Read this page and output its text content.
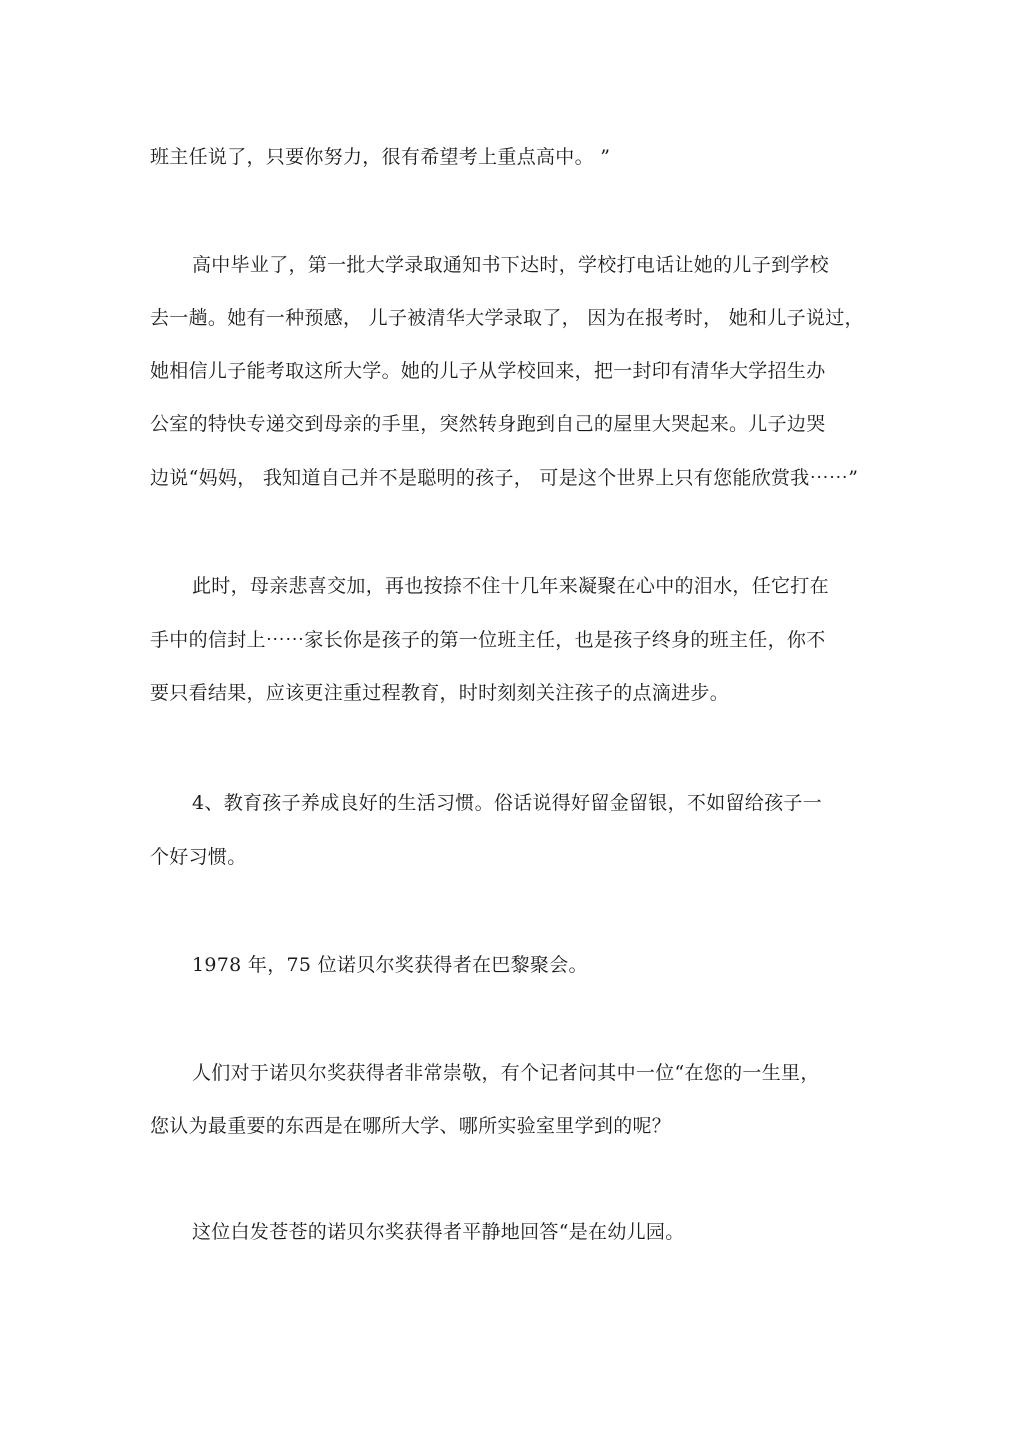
班主任说了，只要你努力，很有希望考上重点高中。 ”
高中毕业了，第一批大学录取通知书下达时，学校打电话让她的儿子到学校
去一趟。她有一种预感， 儿子被清华大学录取了， 因为在报考时， 她和儿子说过，
她相信儿子能考取这所大学。她的儿子从学校回来，把一封印有清华大学招生办
公室的特快专递交到母亲的手里，突然转身跑到自己的屋里大哭起来。儿子边哭
边说“妈妈， 我知道自己并不是聪明的孩子， 可是这个世界上只有您能欣赏我⋯⋯”
此时，母亲悲喜交加，再也按捺不住十几年来凝聚在心中的泪水，任它打在
手中的信封上⋯⋯家长你是孩子的第一位班主任，也是孩子终身的班主任，你不
要只看结果，应该更注重过程教育，时时刻刻关注孩子的点滴进步。
4、教育孩子养成良好的生活习惯。俗话说得好留金留银，不如留给孩子一
个好习惯。
1978 年，75 位诺贝尔奖获得者在巴黎聚会。
人们对于诺贝尔奖获得者非常崇敬，有个记者问其中一位“在您的一生里，
您认为最重要的东西是在哪所大学、哪所实验室里学到的呢？
这位白发苍苍的诺贝尔奖获得者平静地回答“是在幼儿园。
